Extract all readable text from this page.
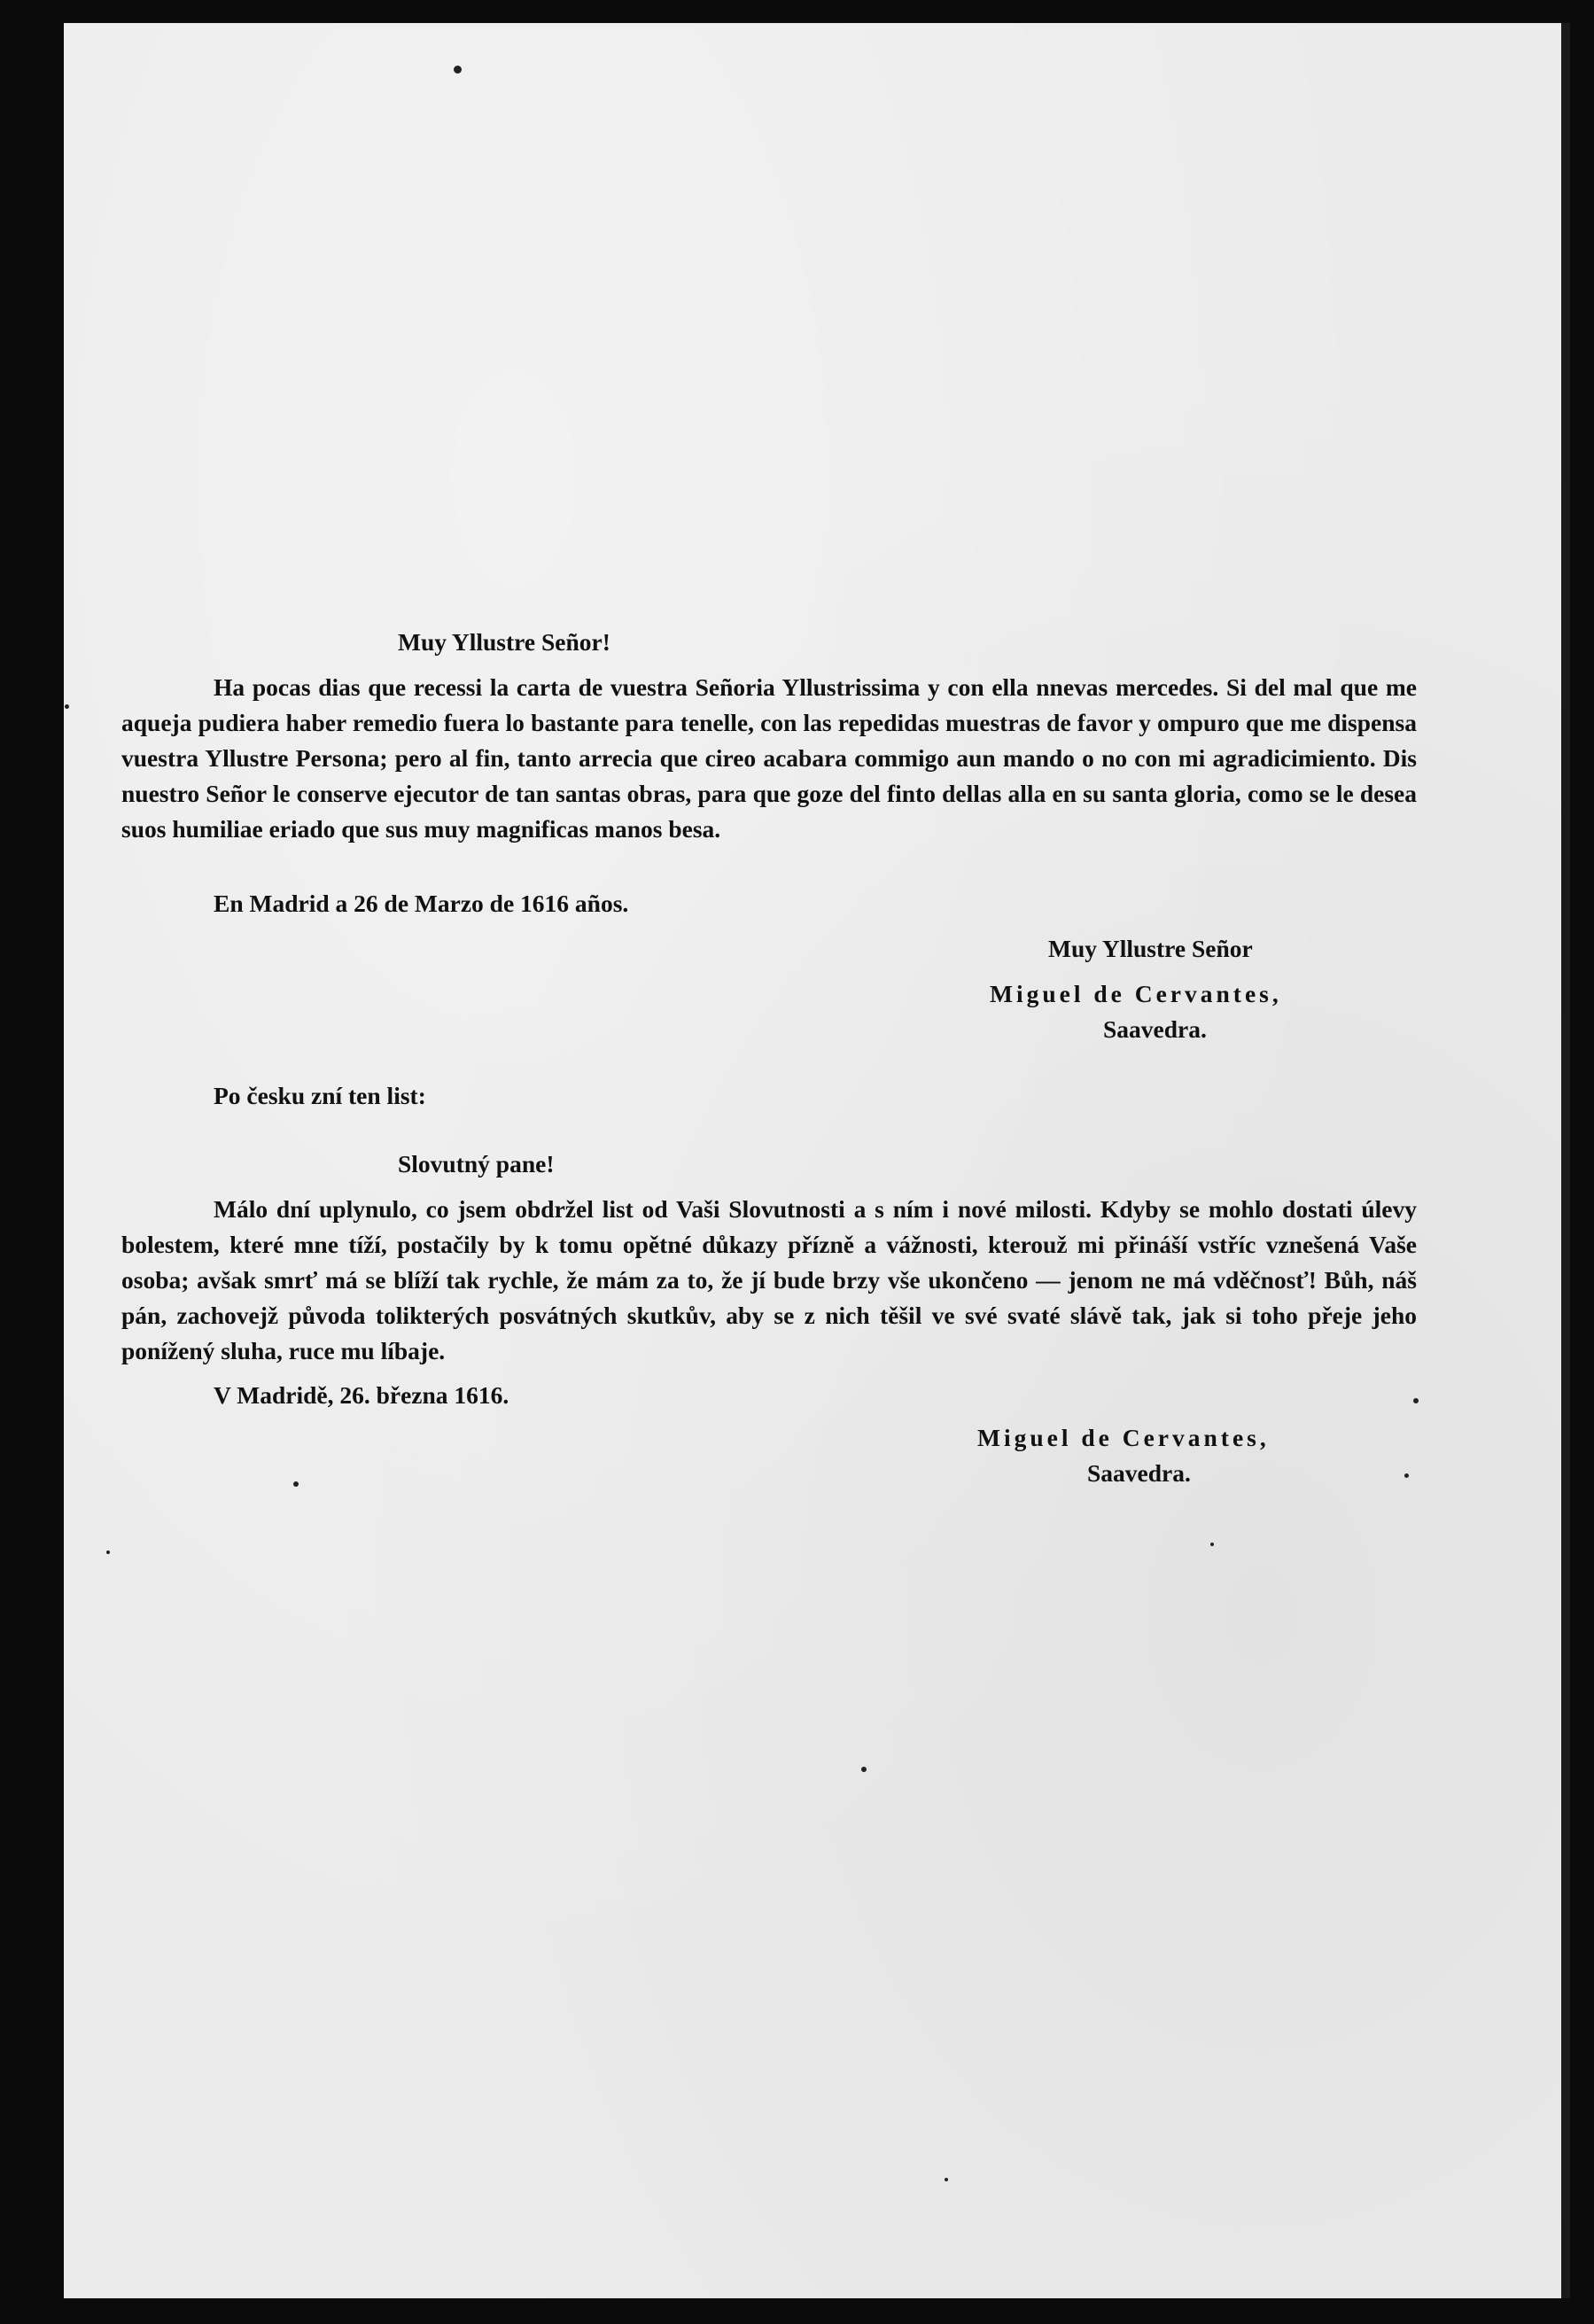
Muy Yllustre Señor!
Ha pocas dias que recessi la carta de vuestra Señoria Yllustrissima y con ella nnevas mercedes. Si del mal que me aqueja pudiera haber remedio fuera lo bastante para tenelle, con las repedidas muestras de favor y ompuro que me dispensa vuestra Yllustre Persona; pero al fin, tanto arrecia que cireo acabara commigo aun mando o no con mi agradicimiento. Dis nuestro Señor le conserve ejecutor de tan santas obras, para que goze del finto dellas alla en su santa gloria, como se le desea suos humiliae eriado que sus muy magnificas manos besa.
En Madrid a 26 de Marzo de 1616 años.
Muy Yllustre Señor
Miguel de Cervantes,
Saavedra.
Po česku zní ten list:
Slovutný pane!
Málo dní uplynulo, co jsem obdržel list od Vaši Slovutnosti a s ním i nové milosti. Kdyby se mohlo dostati úlevy bolestem, které mne tíží, postačily by k tomu opětné důkazy přízně a vážnosti, kterouž mi přináší vstříc vznešená Vaše osoba; avšak smrť má se blíží tak rychle, že mám za to, že jí bude brzy vše ukončeno — jenom ne má vděčnosť! Bůh, náš pán, zachovejž původa tolikterých posvátných skutkův, aby se z nich těšil ve své svaté slávě tak, jak si toho přeje jeho ponížený sluha, ruce mu líbaje.
V Madridě, 26. března 1616.
Miguel de Cervantes,
Saavedra.
